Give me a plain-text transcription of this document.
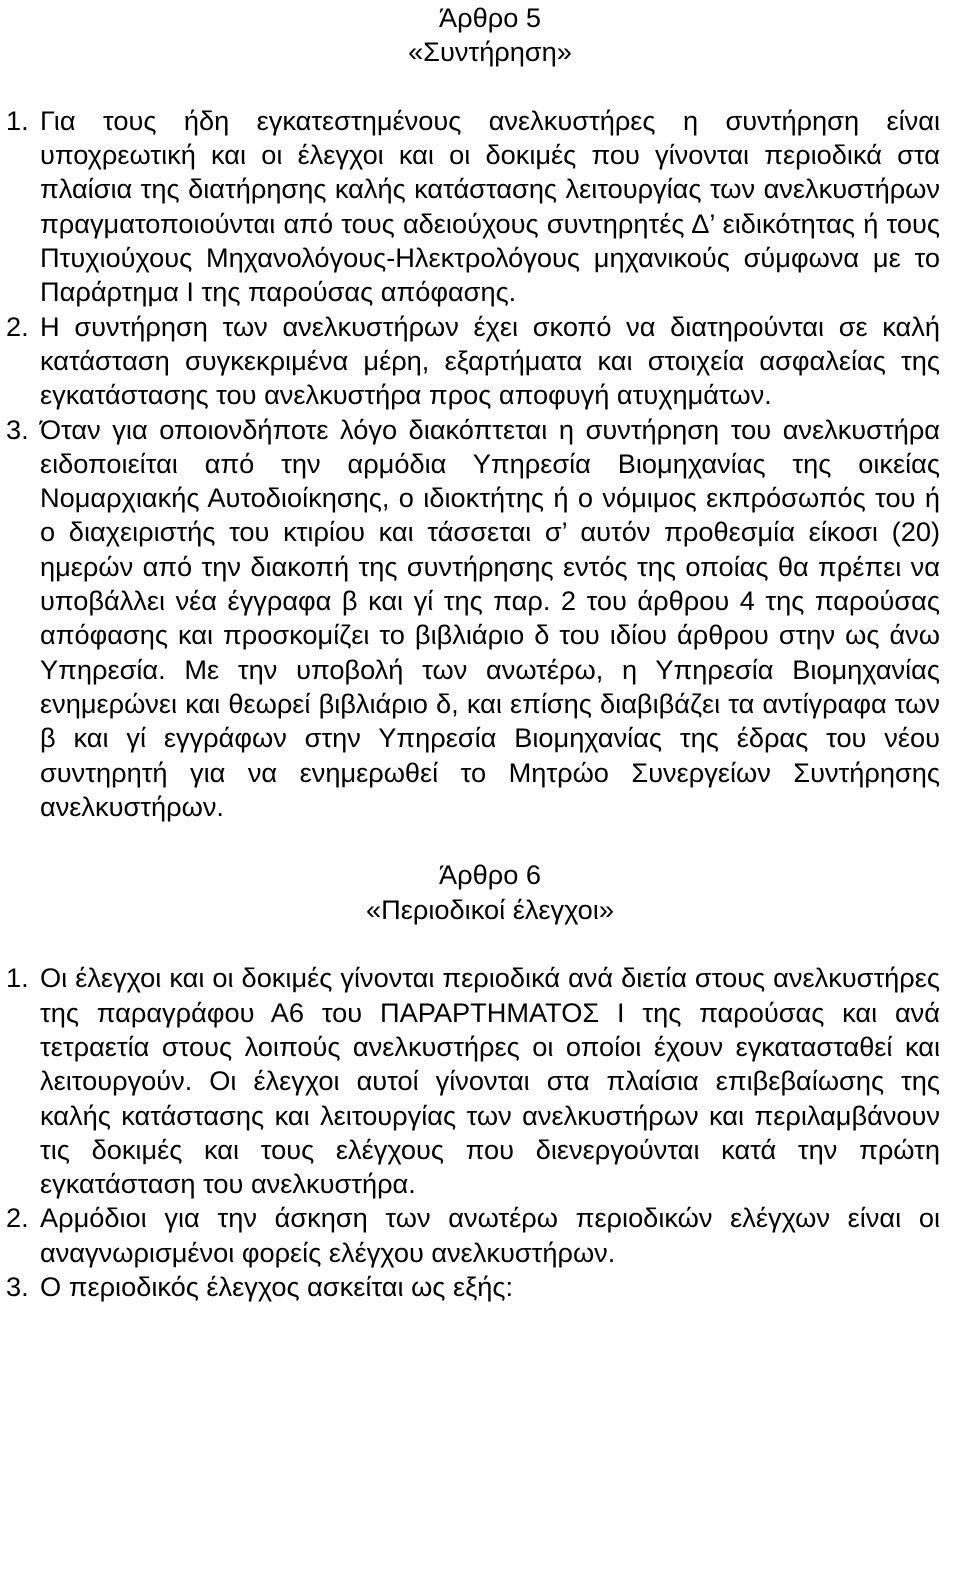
Άρθρο 5
«Συντήρηση»

1. Για τους ήδη εγκατεστημένους ανελκυστήρες η συντήρηση είναι υποχρεωτική και οι έλεγχοι και οι δοκιμές που γίνονται περιοδικά στα πλαίσια της διατήρησης καλής κατάστασης λειτουργίας των ανελκυστήρων πραγματοποιούνται από τους αδειούχους συντηρητές Δ’ ειδικότητας ή τους Πτυχιούχους Μηχανολόγους-Ηλεκτρολόγους μηχανικούς σύμφωνα με το Παράρτημα Ι της παρούσας απόφασης.

2. Η συντήρηση των ανελκυστήρων έχει σκοπό να διατηρούνται σε καλή κατάσταση συγκεκριμένα μέρη, εξαρτήματα και στοιχεία ασφαλείας της εγκατάστασης του ανελκυστήρα προς αποφυγή ατυχημάτων.

3. Όταν για οποιονδήποτε λόγο διακόπτεται η συντήρηση του ανελκυστήρα ειδοποιείται από την αρμόδια Υπηρεσία Βιομηχανίας της οικείας Νομαρχιακής Αυτοδιοίκησης, ο ιδιοκτήτης ή ο νόμιμος εκπρόσωπός του ή ο διαχειριστής του κτιρίου και τάσσεται σ’ αυτόν προθεσμία είκοσι (20) ημερών από την διακοπή της συντήρησης εντός της οποίας θα πρέπει να υποβάλλει νέα έγγραφα β και γί της παρ. 2 του άρθρου 4 της παρούσας απόφασης και προσκομίζει το βιβλιάριο δ του ιδίου άρθρου στην ως άνω Υπηρεσία. Με την υποβολή των ανωτέρω, η Υπηρεσία Βιομηχανίας ενημερώνει και θεωρεί βιβλιάριο δ, και επίσης διαβιβάζει τα αντίγραφα των β και γί εγγράφων στην Υπηρεσία Βιομηχανίας της έδρας του νέου συντηρητή για να ενημερωθεί το Μητρώο Συνεργείων Συντήρησης ανελκυστήρων.

Άρθρο 6
«Περιοδικοί έλεγχοι»

1. Οι έλεγχοι και οι δοκιμές γίνονται περιοδικά ανά διετία στους ανελκυστήρες της παραγράφου Α6 του ΠΑΡΑΡΤΗΜΑΤΟΣ Ι της παρούσας και ανά τετραετία στους λοιπούς ανελκυστήρες οι οποίοι έχουν εγκατασταθεί και λειτουργούν. Οι έλεγχοι αυτοί γίνονται στα πλαίσια επιβεβαίωσης της καλής κατάστασης και λειτουργίας των ανελκυστήρων και περιλαμβάνουν τις δοκιμές και τους ελέγχους που διενεργούνται κατά την πρώτη εγκατάσταση του ανελκυστήρα.

2. Αρμόδιοι για την άσκηση των ανωτέρω περιοδικών ελέγχων είναι οι αναγνωρισμένοι φορείς ελέγχου ανελκυστήρων.

3. Ο περιοδικός έλεγχος ασκείται ως εξής:
